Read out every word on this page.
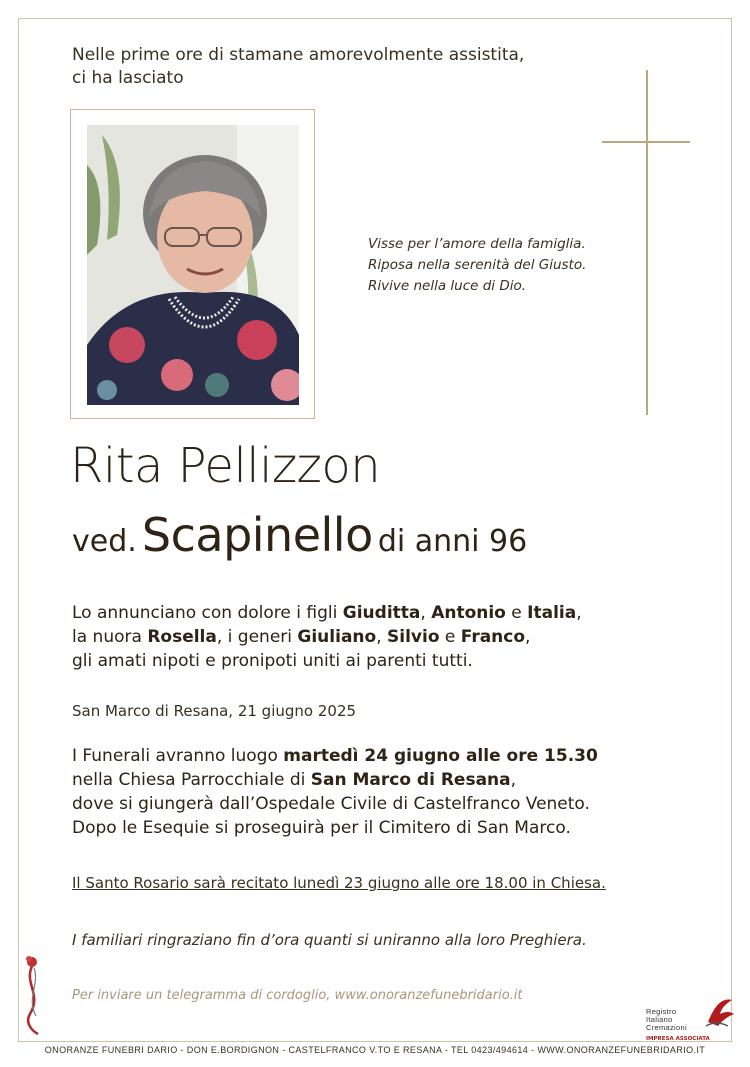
Nelle prime ore di stamane amorevolmente assistita,
ci ha lasciato
Visse per l’amore della famiglia.
Riposa nella serenità del Giusto.
Rivive nella luce di Dio.
Rita Pellizzon
ved. Scapinello di anni 96
Lo annunciano con dolore i figli Giuditta, Antonio e Italia,
la nuora Rosella, i generi Giuliano, Silvio e Franco,
gli amati nipoti e pronipoti uniti ai parenti tutti.
San Marco di Resana, 21 giugno 2025
I Funerali avranno luogo martedì 24 giugno alle ore 15.30
nella Chiesa Parrocchiale di San Marco di Resana,
dove si giungerà dall’Ospedale Civile di Castelfranco Veneto.
Dopo le Esequie si proseguirà per il Cimitero di San Marco.
Il Santo Rosario sarà recitato lunedì 23 giugno alle ore 18.00 in Chiesa.
I familiari ringraziano fin d’ora quanti si uniranno alla loro Preghiera.
Per inviare un telegramma di cordoglio, www.onoranzefunebridario.it
Registro
Italiano
Cremazioni
IMPRESA ASSOCIATA
ONORANZE FUNEBRI DARIO - DON E.BORDIGNON - CASTELFRANCO V.TO E RESANA - TEL 0423/494614 - WWW.ONORANZEFUNEBRIDARIO.IT
